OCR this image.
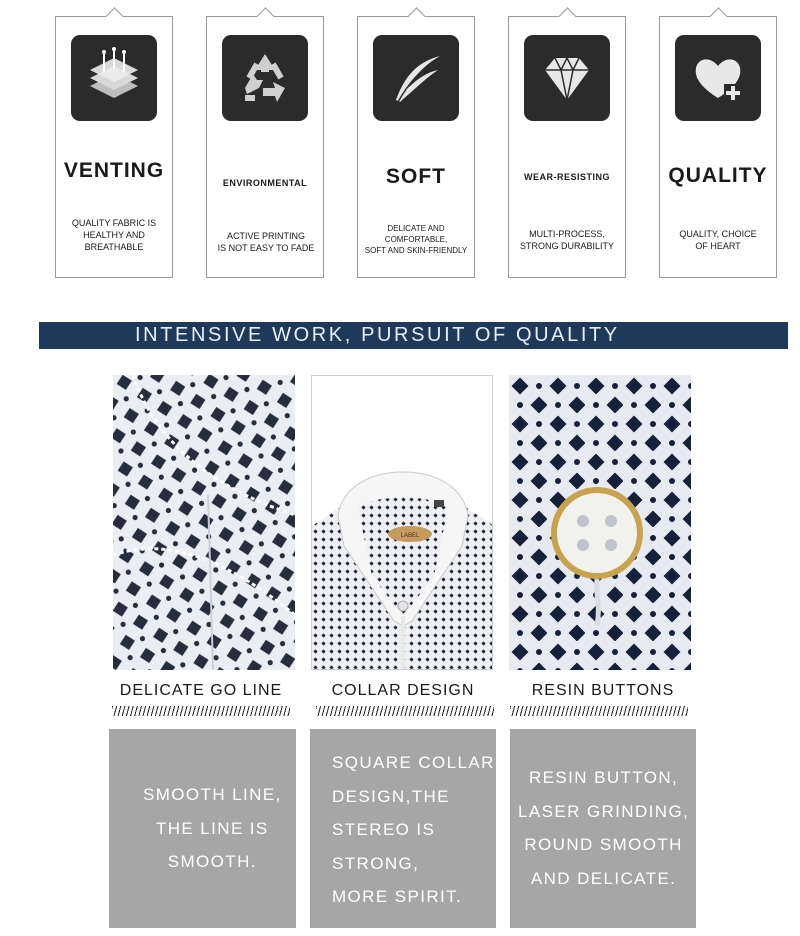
VENTING
QUALITY FABRIC IS
HEALTHY AND
BREATHABLE
ENVIRONMENTAL
ACTIVE PRINTING
IS NOT EASY TO FADE
SOFT
DELICATE AND
COMFORTABLE,
SOFT AND SKIN-FRIENDLY
WEAR-RESISTING
MULTI-PROCESS,
STRONG DURABILITY
QUALITY
QUALITY, CHOICE
OF HEART
INTENSIVE WORK, PURSUIT OF QUALITY
LABEL
DELICATE GO LINE	COLLAR DESIGN	RESIN BUTTONS
SMOOTH LINE,
THE LINE IS
SMOOTH.
SQUARE COLLAR
DESIGN,THE
STEREO IS
STRONG,
MORE SPIRIT.
RESIN BUTTON,
LASER GRINDING,
ROUND SMOOTH
AND DELICATE.
